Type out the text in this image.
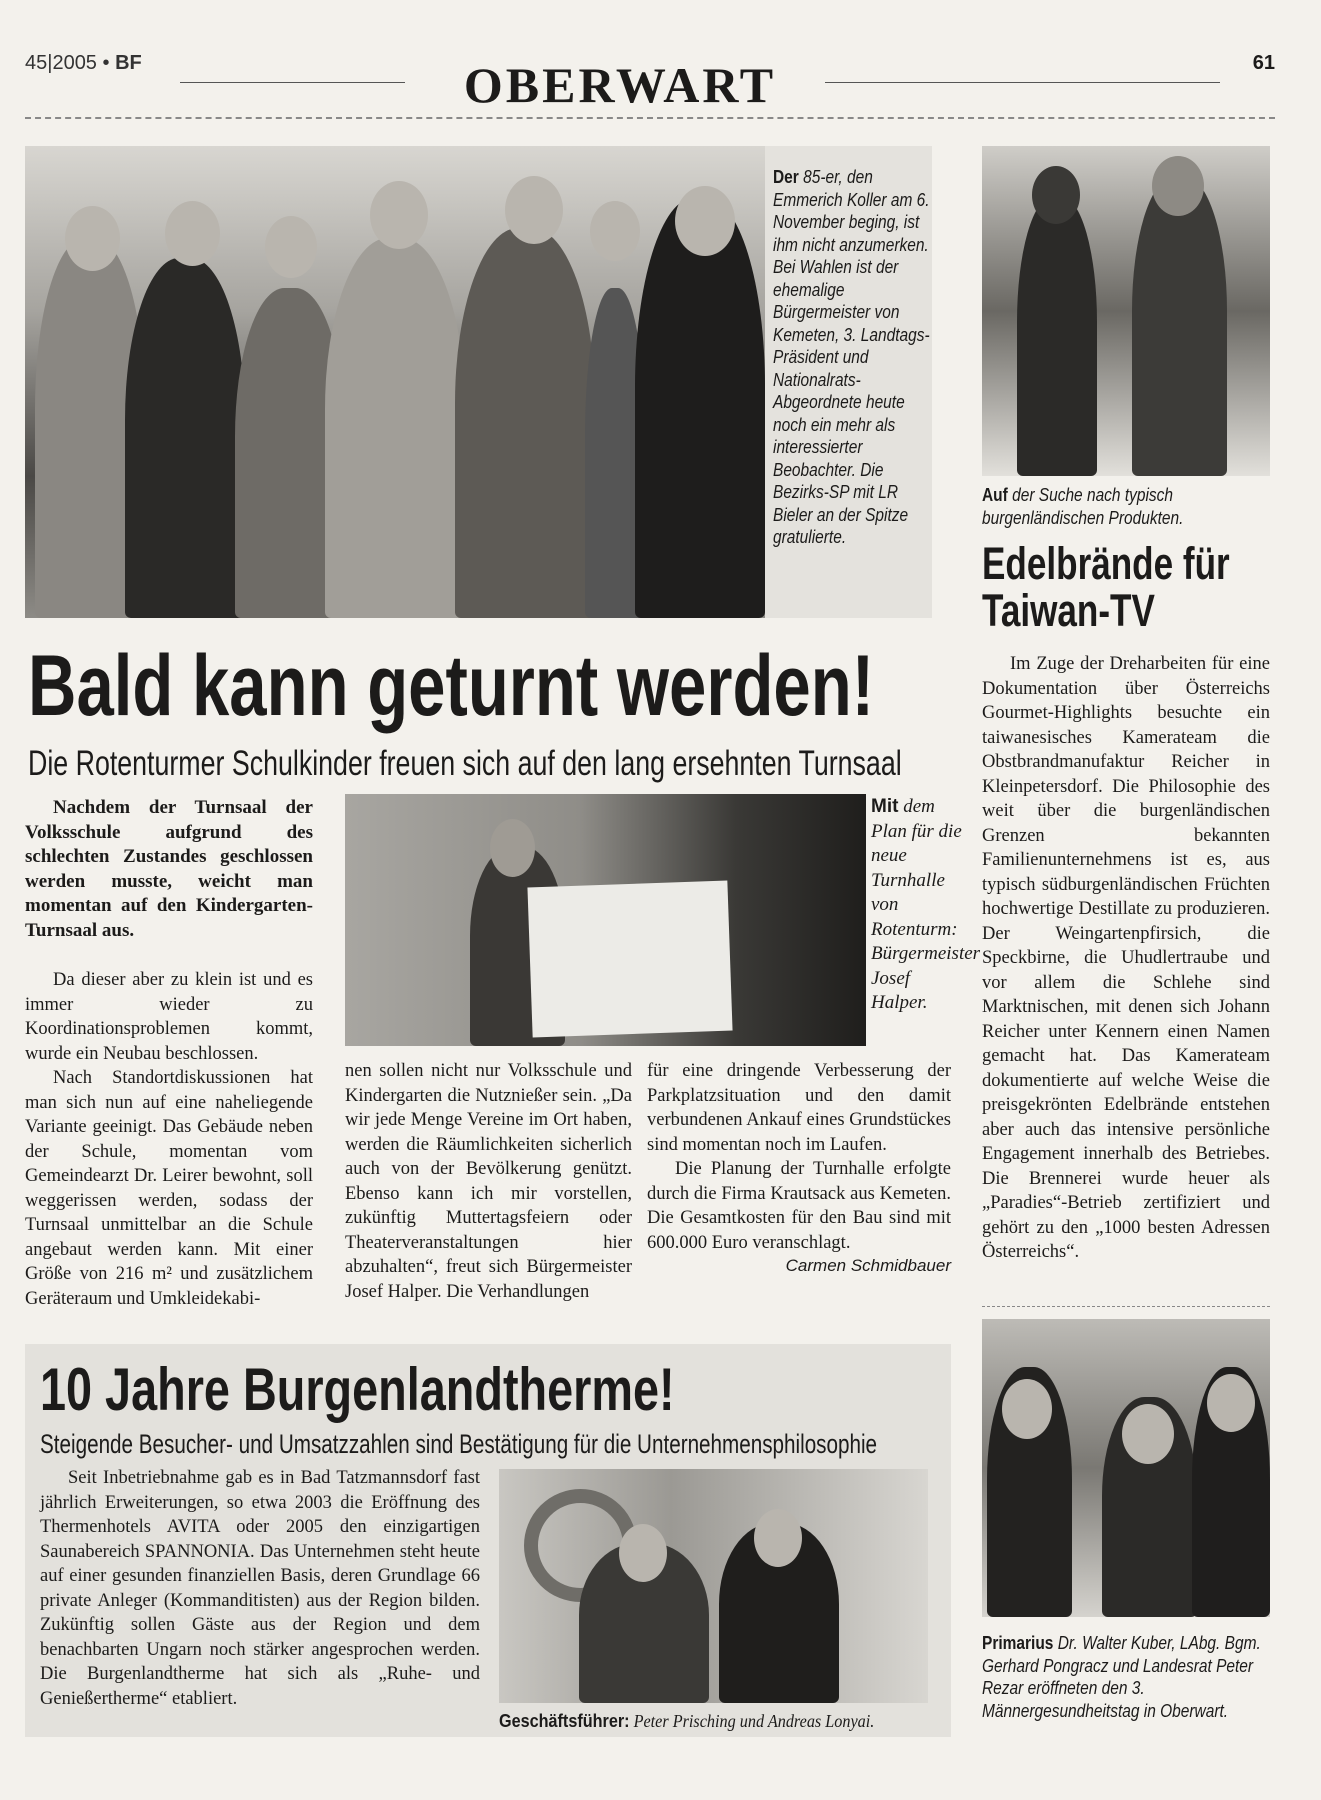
45|2005 • BF	OBERWART	61
Der 85-er, den Emmerich Koller am 6. November beging, ist ihm nicht anzumerken. Bei Wahlen ist der ehemalige Bürgermeister von Kemeten, 3. Landtags-Präsident und Nationalrats-Abgeordnete heute noch ein mehr als interessierter Beobachter. Die Bezirks-SP mit LR Bieler an der Spitze gratulierte.
Auf der Suche nach typisch burgenländischen Produkten.
Edelbrände für
Taiwan-TV

Im Zuge der Dreharbeiten für eine Dokumentation über Österreichs Gourmet-Highlights besuchte ein taiwanesisches Kamerateam die Obstbrandmanufaktur Reicher in Kleinpetersdorf. Die Philosophie des weit über die burgenländischen Grenzen bekannten Familienunternehmens ist es, aus typisch südburgenländischen Früchten hochwertige Destillate zu produzieren. Der Weingartenpfirsich, die Speckbirne, die Uhudlertraube und vor allem die Schlehe sind Marktnischen, mit denen sich Johann Reicher unter Kennern einen Namen gemacht hat. Das Kamerateam dokumentierte auf welche Weise die preisgekrönten Edelbrände entstehen aber auch das intensive persönliche Engagement innerhalb des Betriebes. Die Brennerei wurde heuer als „Paradies“-Betrieb zertifiziert und gehört zu den „1000 besten Adressen Österreichs“.

Primarius Dr. Walter Kuber, LAbg. Bgm. Gerhard Pongracz und Landesrat Peter Rezar eröffneten den 3. Männergesundheitstag in Oberwart.
Bald kann geturnt werden!
Die Rotenturmer Schulkinder freuen sich auf den lang ersehnten Turnsaal

Nachdem der Turnsaal der Volksschule aufgrund des schlechten Zustandes geschlossen werden musste, weicht man momentan auf den Kindergarten-Turnsaal aus.

Da dieser aber zu klein ist und es immer wieder zu Koordinationsproblemen kommt, wurde ein Neubau beschlossen.

Nach Standortdiskussionen hat man sich nun auf eine naheliegende Variante geeinigt. Das Gebäude neben der Schule, momentan vom Gemeindearzt Dr. Leirer bewohnt, soll weggerissen werden, sodass der Turnsaal unmittelbar an die Schule angebaut werden kann. Mit einer Größe von 216 m² und zusätzlichem Geräteraum und Umkleidekabi-

Mit dem Plan für die neue Turnhalle von Rotenturm: Bürgermeister Josef Halper.

nen sollen nicht nur Volksschule und Kindergarten die Nutznießer sein. „Da wir jede Menge Vereine im Ort haben, werden die Räumlichkeiten sicherlich auch von der Bevölkerung genützt. Ebenso kann ich mir vorstellen, zukünftig Muttertagsfeiern oder Theaterveranstaltungen hier abzuhalten“, freut sich Bürgermeister Josef Halper. Die Verhandlungen

für eine dringende Verbesserung der Parkplatzsituation und den damit verbundenen Ankauf eines Grundstückes sind momentan noch im Laufen.

Die Planung der Turnhalle erfolgte durch die Firma Krautsack aus Kemeten. Die Gesamtkosten für den Bau sind mit 600.000 Euro veranschlagt.

Carmen Schmidbauer
10 Jahre Burgenlandtherme!
Steigende Besucher- und Umsatzzahlen sind Bestätigung für die Unternehmensphilosophie

Seit Inbetriebnahme gab es in Bad Tatzmannsdorf fast jährlich Erweiterungen, so etwa 2003 die Eröffnung des Thermenhotels AVITA oder 2005 den einzigartigen Saunabereich SPANNONIA. Das Unternehmen steht heute auf einer gesunden finanziellen Basis, deren Grundlage 66 private Anleger (Kommanditisten) aus der Region bilden. Zukünftig sollen Gäste aus der Region und dem benachbarten Ungarn noch stärker angesprochen werden. Die Burgenlandtherme hat sich als „Ruhe- und Genießertherme“ etabliert.

Geschäftsführer: Peter Prisching und Andreas Lonyai.
